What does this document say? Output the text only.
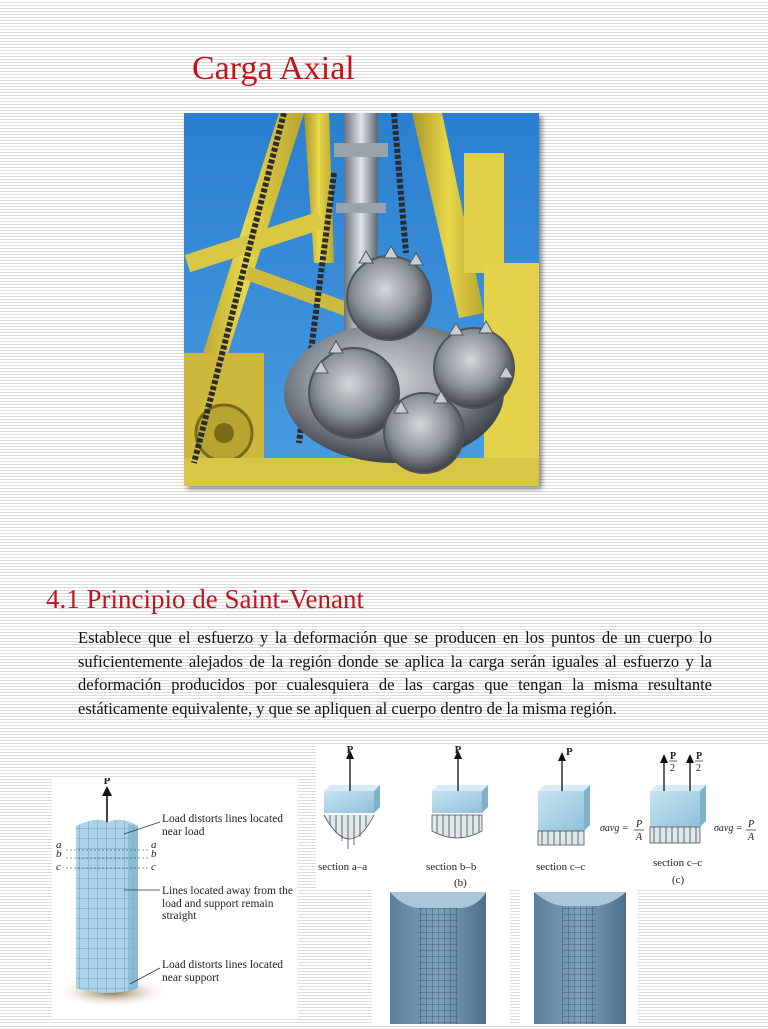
Carga Axial
4.1 Principio de Saint-Venant

Establece que el esfuerzo y la deformación que se producen en los puntos de un cuerpo lo suficientemente alejados de la región donde se aplica la carga serán iguales al esfuerzo y la deformación producidos por cualesquiera de las cargas que tengan la misma resultante estáticamente equivalente, y que se apliquen al cuerpo dentro de la misma región.

P
a
b
c
a
b
c

Load distorts lines located near load

Lines located away from the load and support remain straight

Load distorts lines located near support

P
section a–a
P
section b–b
(b)
P
section c–c
σavg = P
A
P
2
P
2
section c–c
(c)
σavg = P
A
